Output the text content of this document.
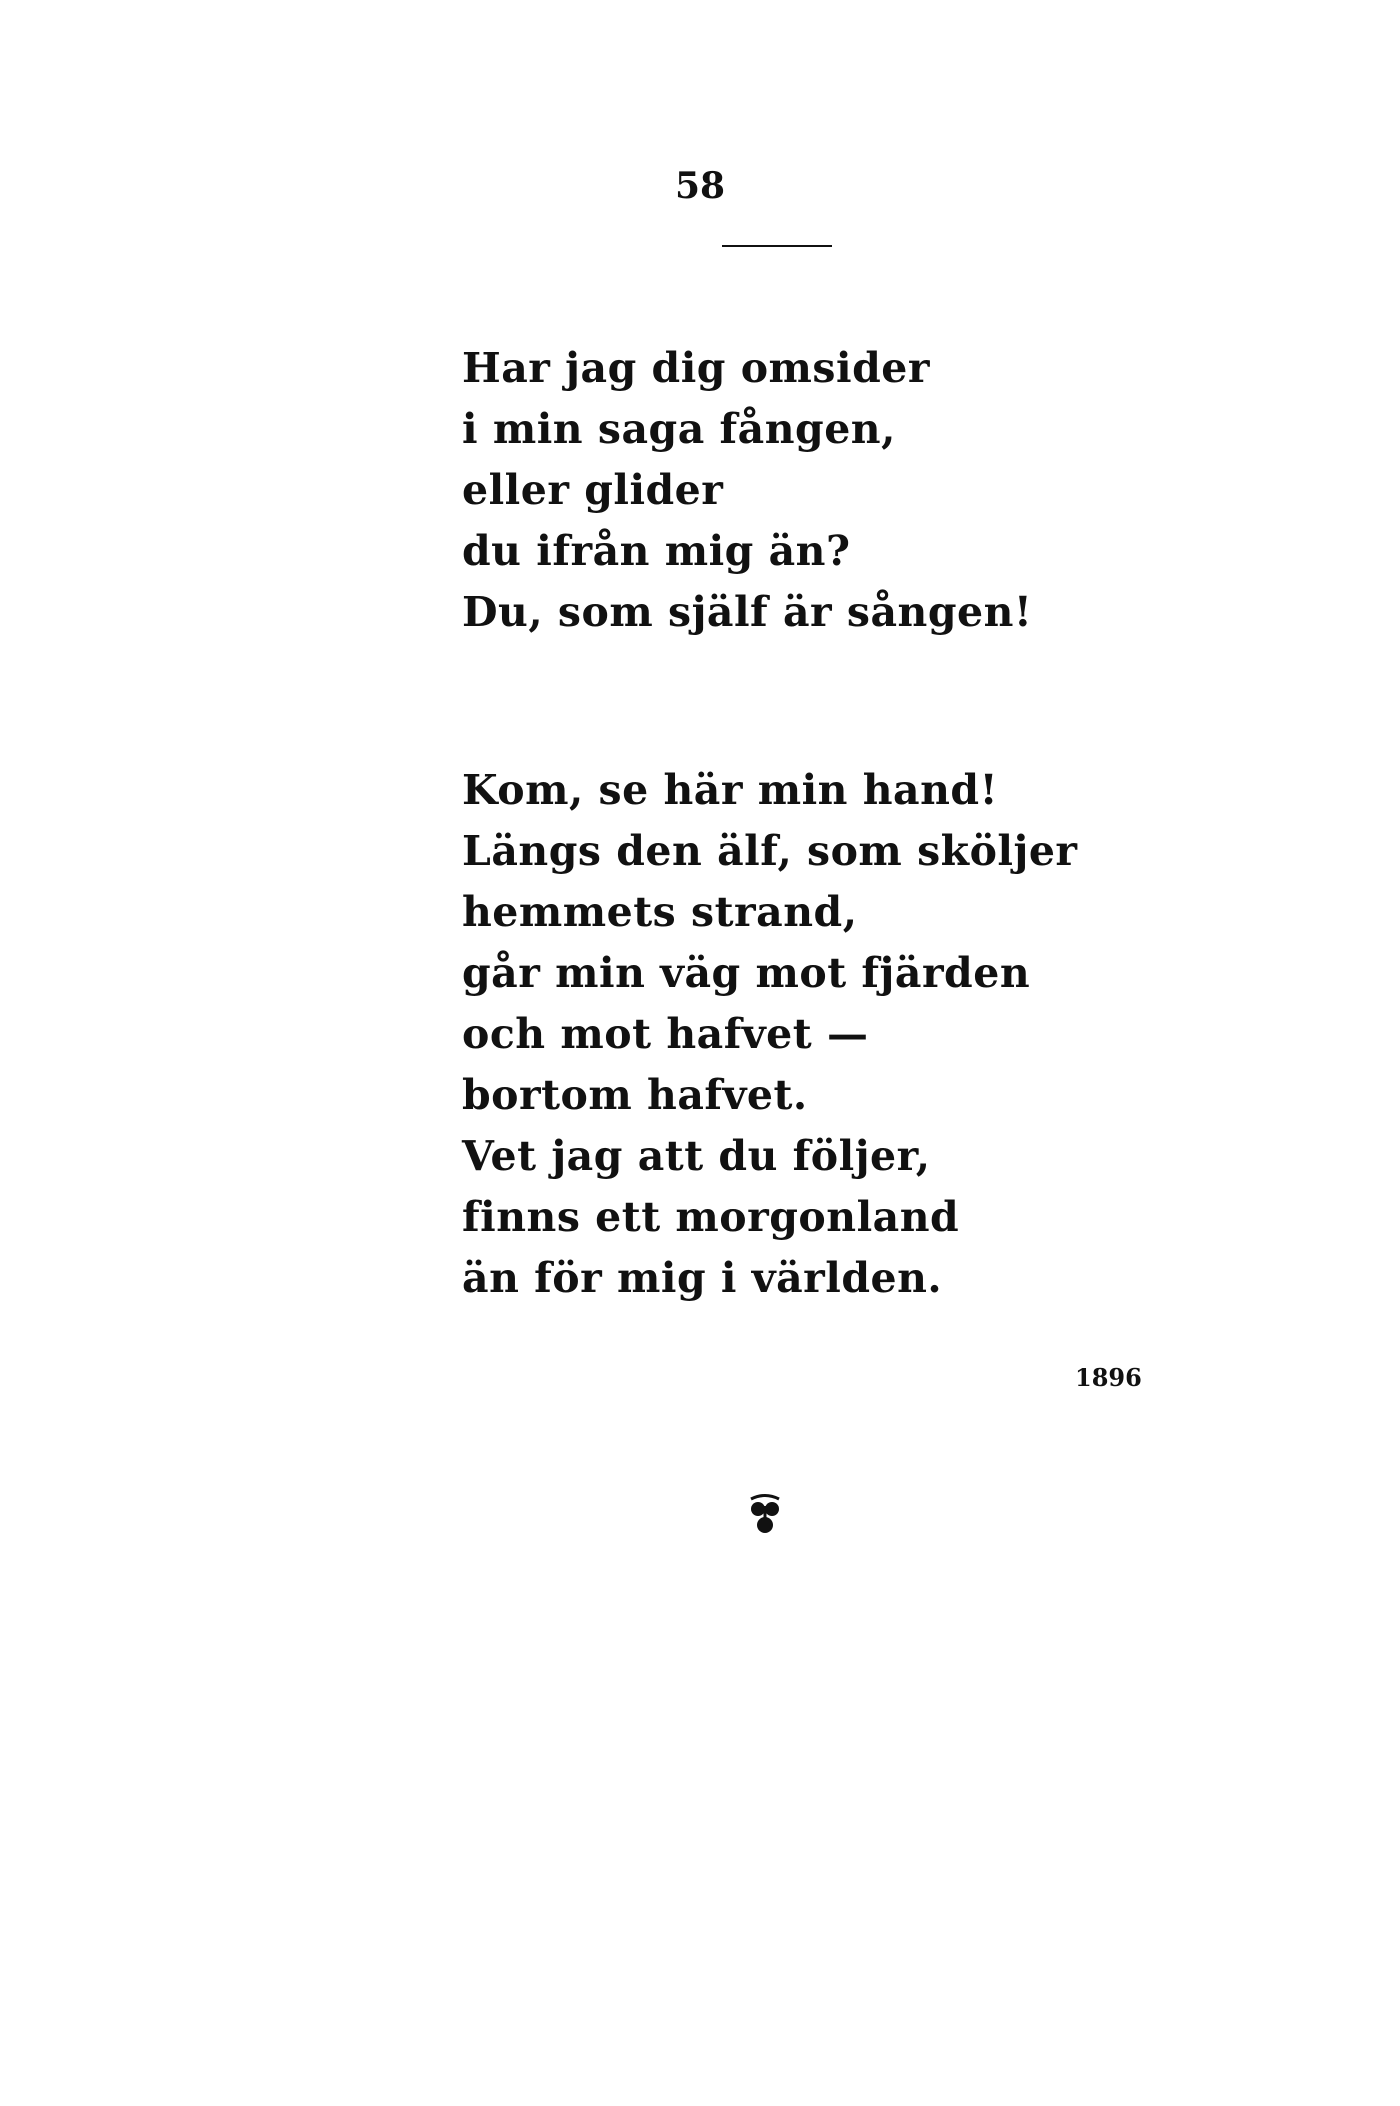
58
Har jag dig omsider
i min saga fången,
eller glider
du ifrån mig än?
Du, som själf är sången!
Kom, se här min hand!
Längs den älf, som sköljer
hemmets strand,
går min väg mot fjärden
och mot hafvet —
bortom hafvet.
Vet jag att du följer,
finns ett morgonland
än för mig i världen.
1896
